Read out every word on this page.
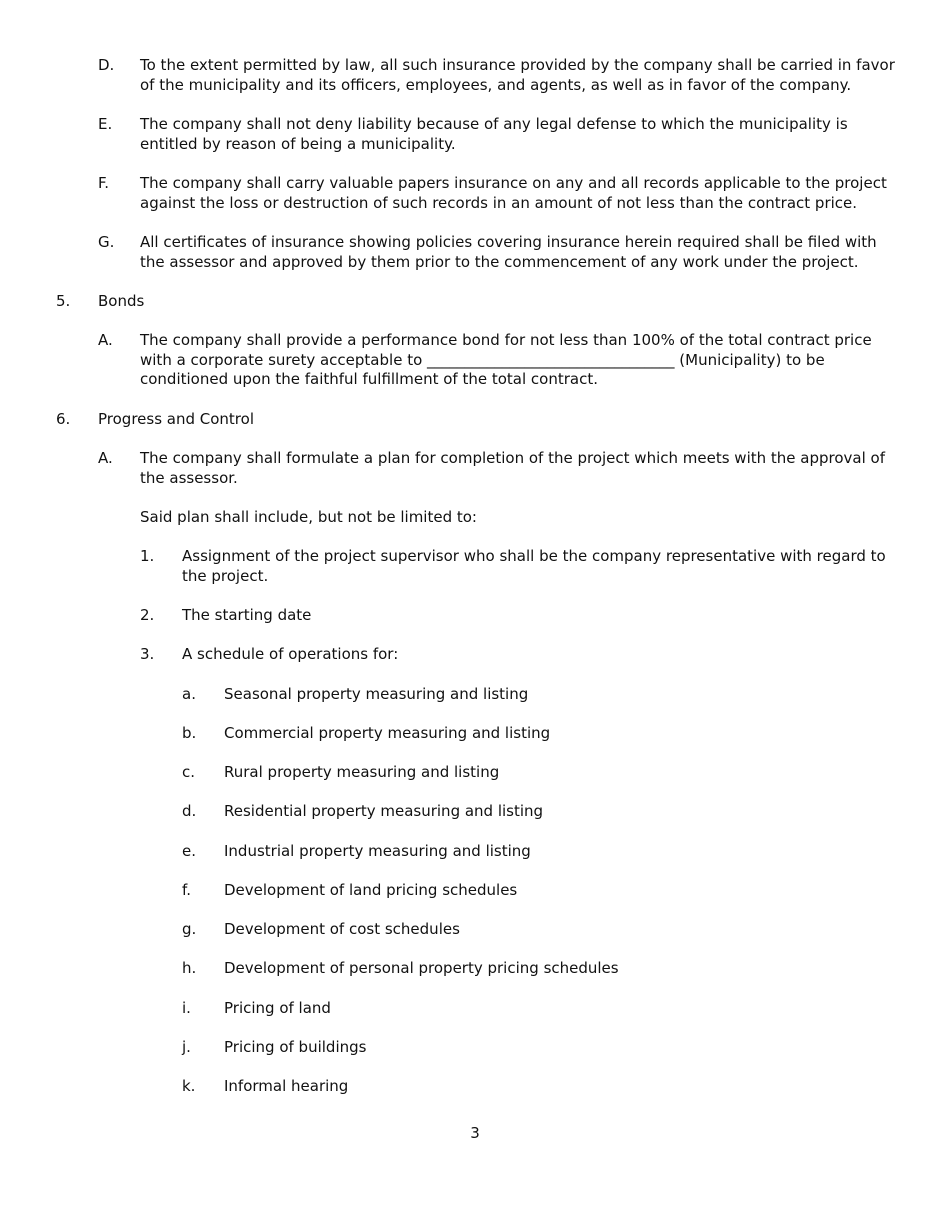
D. To the extent permitted by law, all such insurance provided by the company shall be carried in favor of the municipality and its officers, employees, and agents, as well as in favor of the company.
E. The company shall not deny liability because of any legal defense to which the municipality is entitled by reason of being a municipality.
F. The company shall carry valuable papers insurance on any and all records applicable to the project against the loss or destruction of such records in an amount of not less than the contract price.
G. All certificates of insurance showing policies covering insurance herein required shall be filed with the assessor and approved by them prior to the commencement of any work under the project.
5. Bonds
A. The company shall provide a performance bond for not less than 100% of the total contract price with a corporate surety acceptable to _________________________________ (Municipality) to be conditioned upon the faithful fulfillment of the total contract.
6. Progress and Control
A. The company shall formulate a plan for completion of the project which meets with the approval of the assessor.
Said plan shall include, but not be limited to:
1. Assignment of the project supervisor who shall be the company representative with regard to the project.
2. The starting date
3. A schedule of operations for:
a. Seasonal property measuring and listing
b. Commercial property measuring and listing
c. Rural property measuring and listing
d. Residential property measuring and listing
e. Industrial property measuring and listing
f. Development of land pricing schedules
g. Development of cost schedules
h. Development of personal property pricing schedules
i. Pricing of land
j. Pricing of buildings
k. Informal hearing
3
